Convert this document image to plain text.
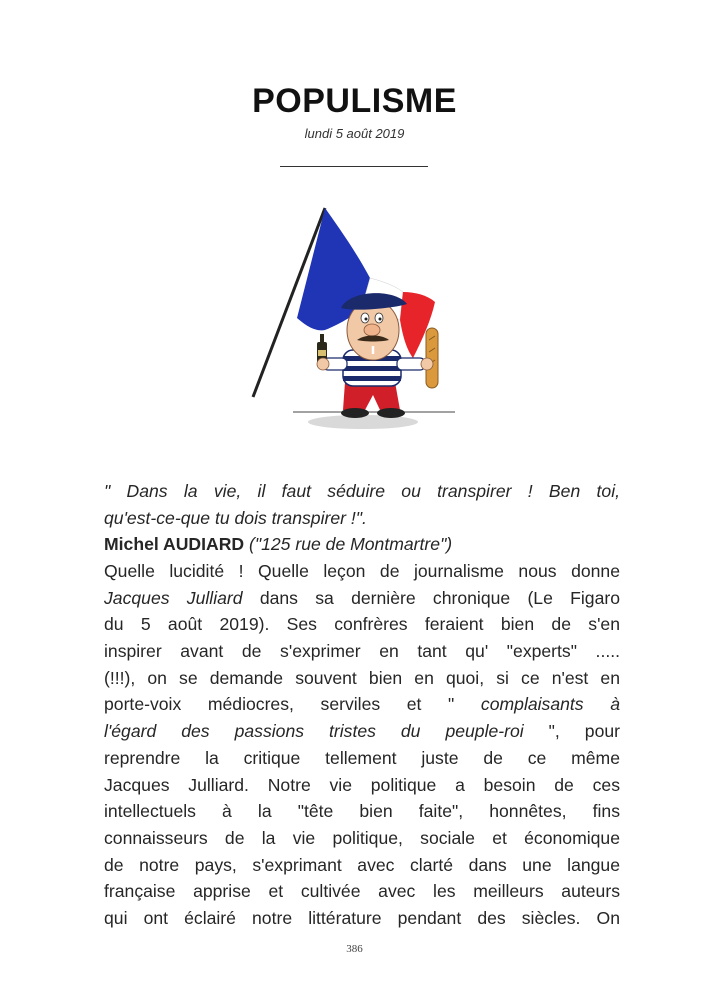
POPULISME
lundi 5 août 2019
" Dans la vie, il faut séduire ou transpirer ! Ben toi,
qu'est-ce-que tu dois transpirer !".
Michel AUDIARD ("125 rue de Montmartre")
Quelle lucidité ! Quelle leçon de journalisme nous donne
Jacques Julliard dans sa dernière chronique (Le Figaro
du 5 août 2019). Ses confrères feraient bien de s'en
inspirer avant de s'exprimer en tant qu' "experts" .....
(!!!), on se demande souvent bien en quoi, si ce n'est en
porte-voix médiocres, serviles et " complaisants à
l'égard des passions tristes du peuple-roi ", pour
reprendre la critique tellement juste de ce même
Jacques Julliard. Notre vie politique a besoin de ces
intellectuels à la "tête bien faite", honnêtes, fins
connaisseurs de la vie politique, sociale et économique
de notre pays, s'exprimant avec clarté dans une langue
française apprise et cultivée avec les meilleurs auteurs
qui ont éclairé notre littérature pendant des siècles. On
386
